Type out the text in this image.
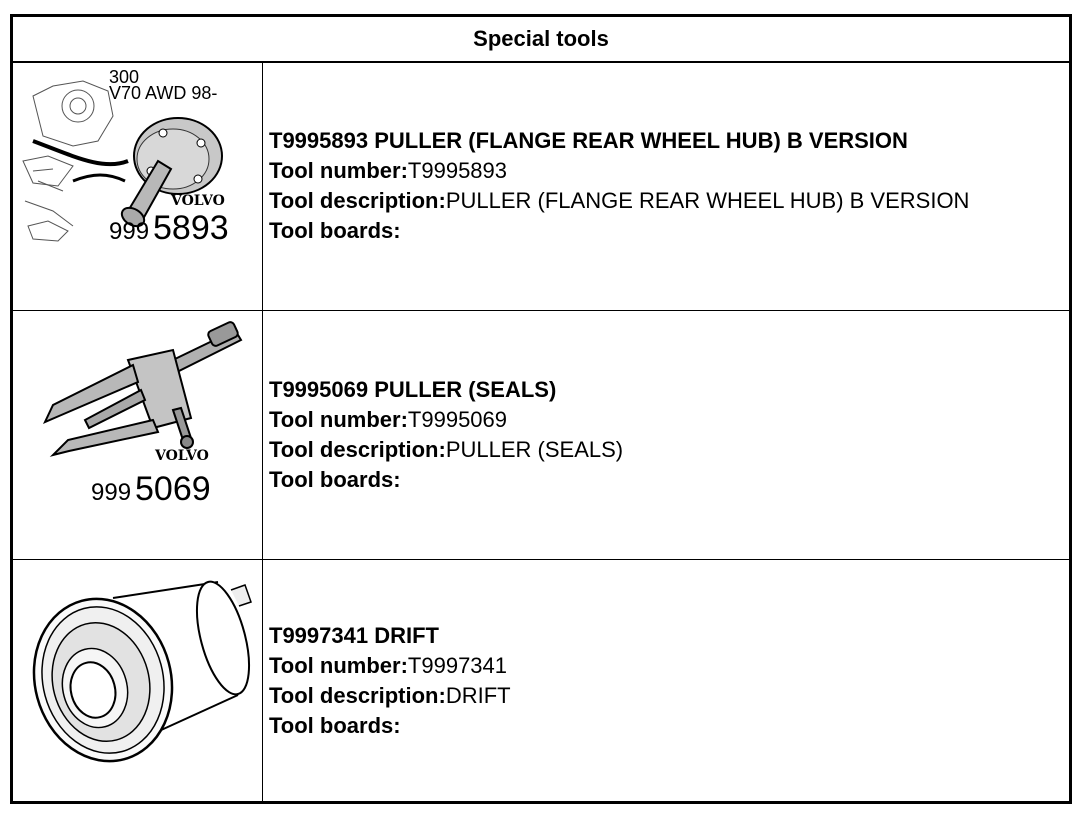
Special tools
300
V70 AWD 98-
VOLVO
999 5893
T9995893 PULLER (FLANGE REAR WHEEL HUB) B VERSION
Tool number:T9995893
Tool description:PULLER (FLANGE REAR WHEEL HUB) B VERSION
Tool boards:
VOLVO
999 5069
T9995069 PULLER (SEALS)
Tool number:T9995069
Tool description:PULLER (SEALS)
Tool boards:
T9997341 DRIFT
Tool number:T9997341
Tool description:DRIFT
Tool boards:
